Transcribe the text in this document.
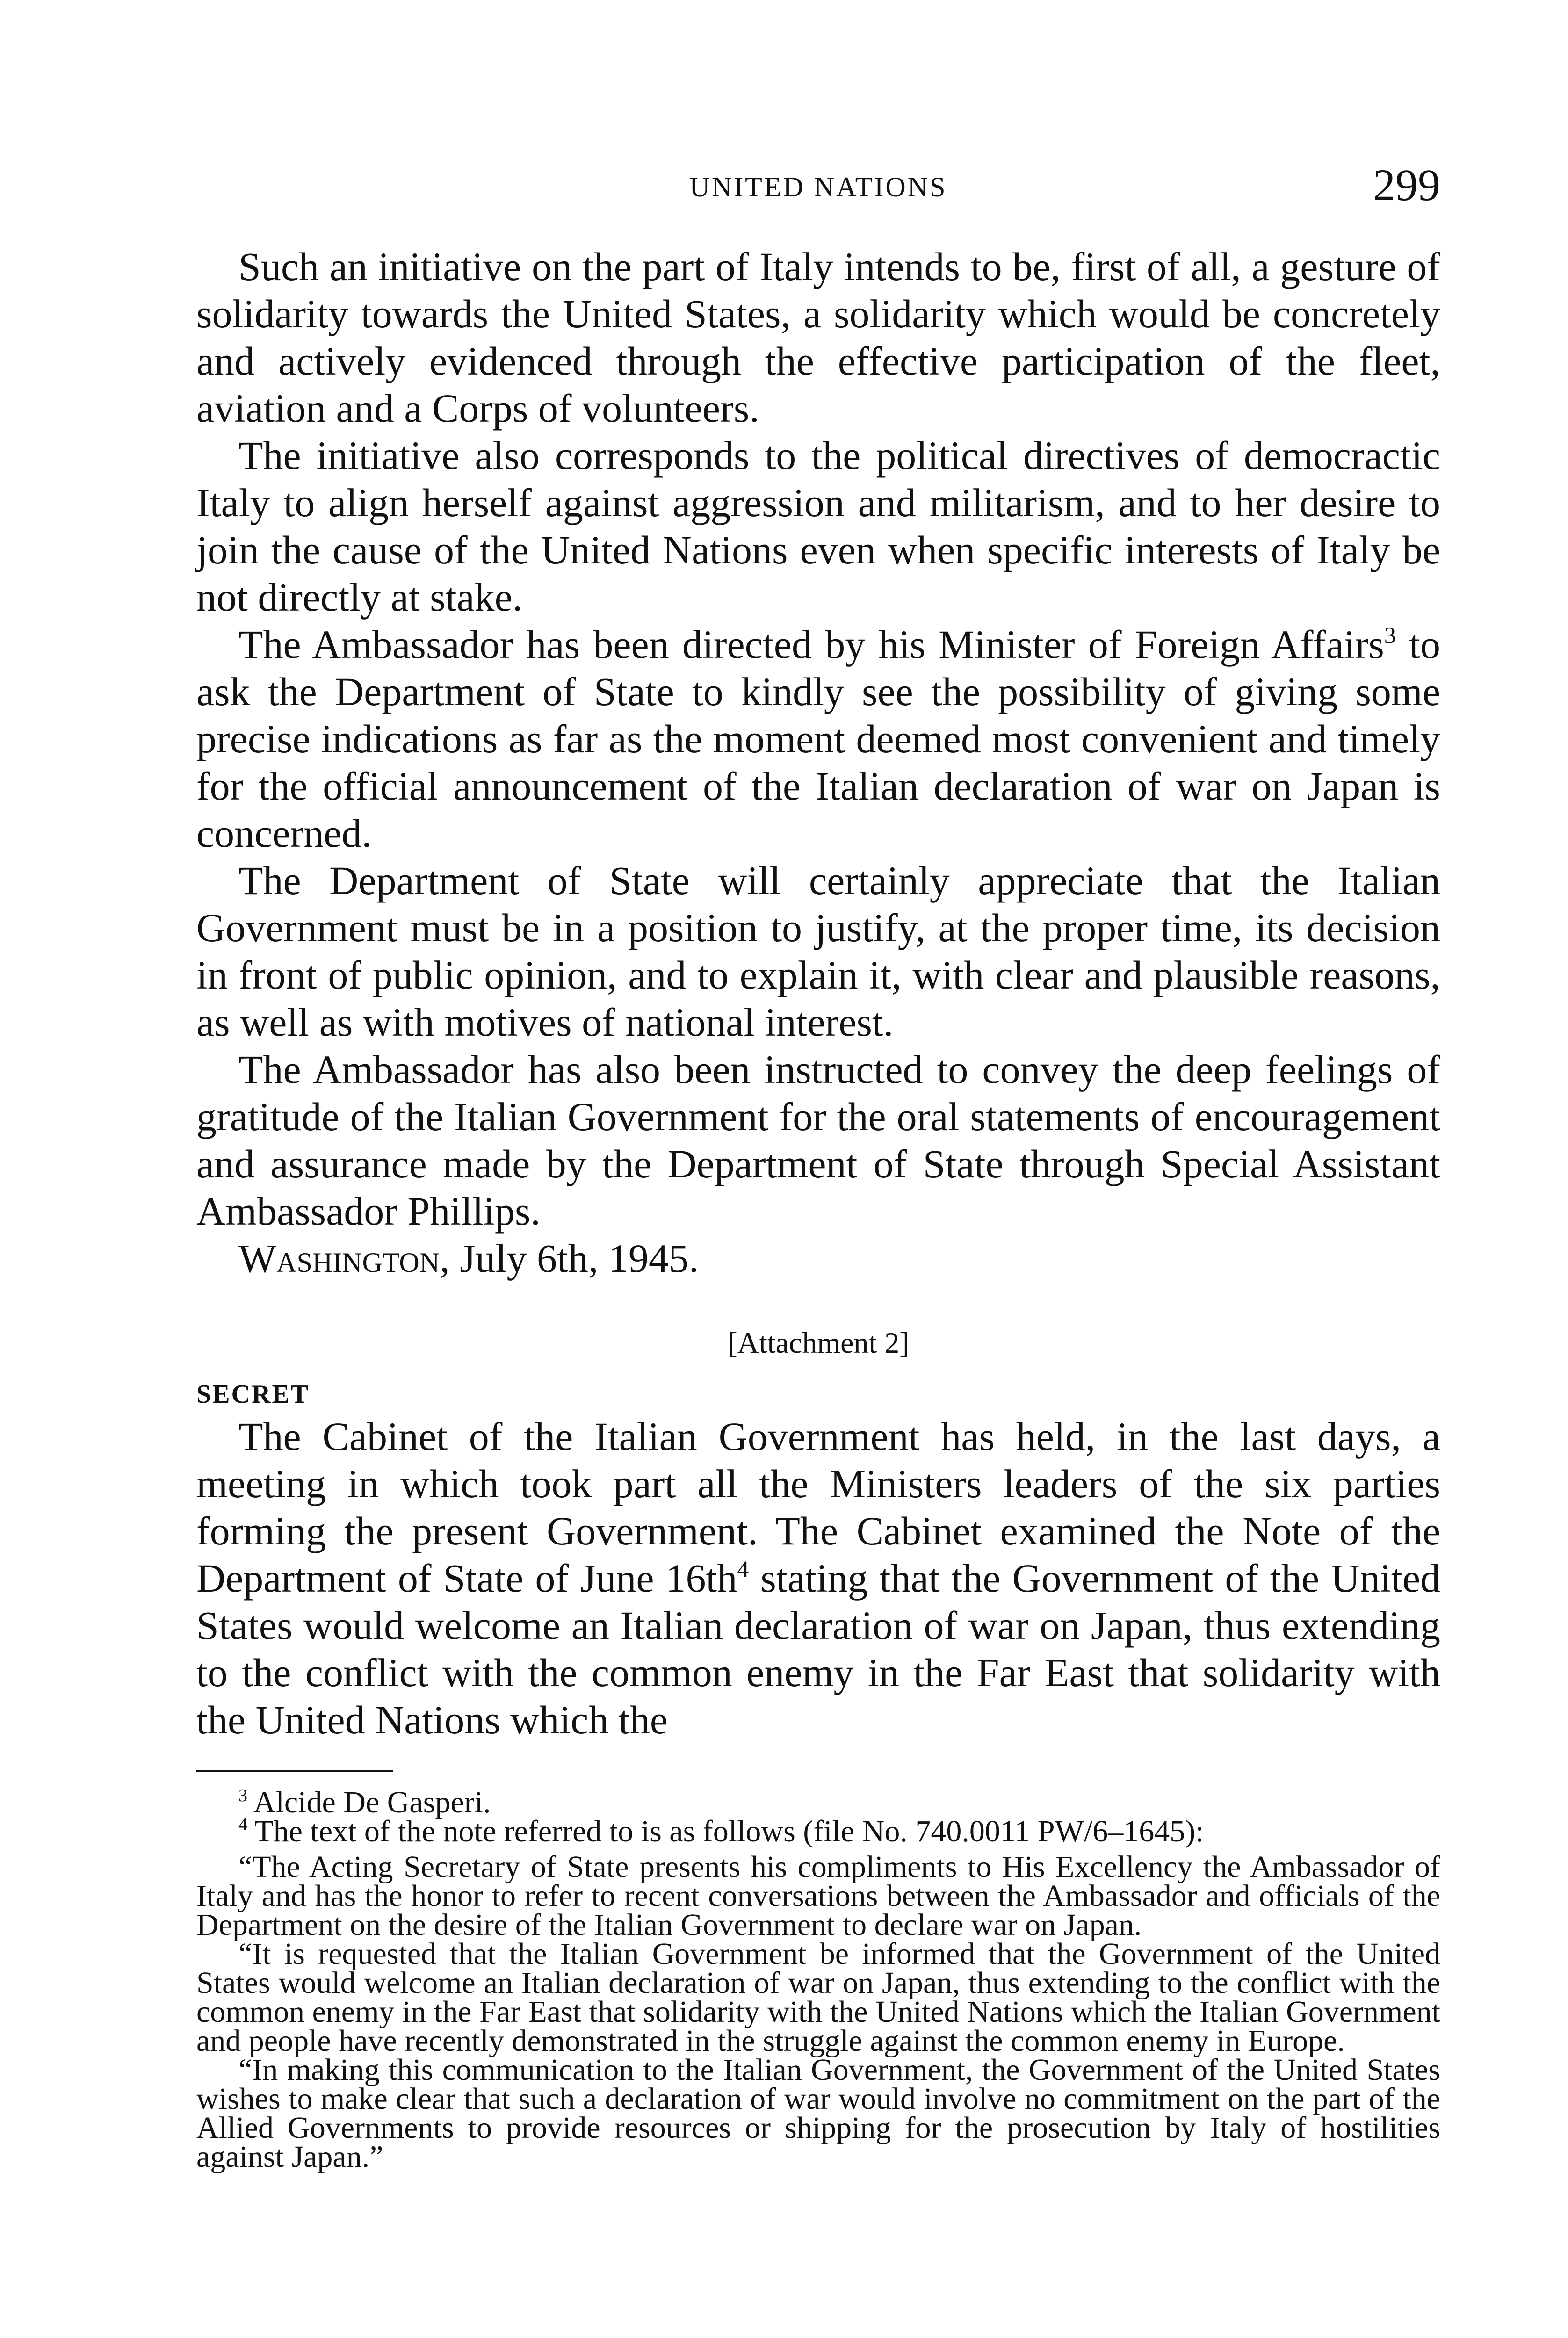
UNITED NATIONS	299

Such an initiative on the part of Italy intends to be, first of all, a gesture of solidarity towards the United States, a solidarity which would be concretely and actively evidenced through the effective participation of the fleet, aviation and a Corps of volunteers.

The initiative also corresponds to the political directives of democractic Italy to align herself against aggression and militarism, and to her desire to join the cause of the United Nations even when specific interests of Italy be not directly at stake.

The Ambassador has been directed by his Minister of Foreign Affairs$^3$ to ask the Department of State to kindly see the possibility of giving some precise indications as far as the moment deemed most convenient and timely for the official announcement of the Italian declaration of war on Japan is concerned.

The Department of State will certainly appreciate that the Italian Government must be in a position to justify, at the proper time, its decision in front of public opinion, and to explain it, with clear and plausible reasons, as well as with motives of national interest.

The Ambassador has also been instructed to convey the deep feelings of gratitude of the Italian Government for the oral statements of encouragement and assurance made by the Department of State through Special Assistant Ambassador Phillips.

Washington, July 6th, 1945.

[Attachment 2]
SECRET

The Cabinet of the Italian Government has held, in the last days, a meeting in which took part all the Ministers leaders of the six parties forming the present Government. The Cabinet examined the Note of the Department of State of June $16th^4$ stating that the Government of the United States would welcome an Italian declaration of war on Japan, thus extending to the conflict with the common enemy in the Far East that solidarity with the United Nations which the

$^3$ Alcide De Gasperi.

$^4$ The text of the note referred to is as follows (file No. 740.0011 PW/6–1645):

“The Acting Secretary of State presents his compliments to His Excellency the Ambassador of Italy and has the honor to refer to recent conversations between the Ambassador and officials of the Department on the desire of the Italian Government to declare war on Japan.

“It is requested that the Italian Government be informed that the Government of the United States would welcome an Italian declaration of war on Japan, thus extending to the conflict with the common enemy in the Far East that solidarity with the United Nations which the Italian Government and people have recently demonstrated in the struggle against the common enemy in Europe.

“In making this communication to the Italian Government, the Government of the United States wishes to make clear that such a declaration of war would involve no commitment on the part of the Allied Governments to provide resources or shipping for the prosecution by Italy of hostilities against Japan.”
